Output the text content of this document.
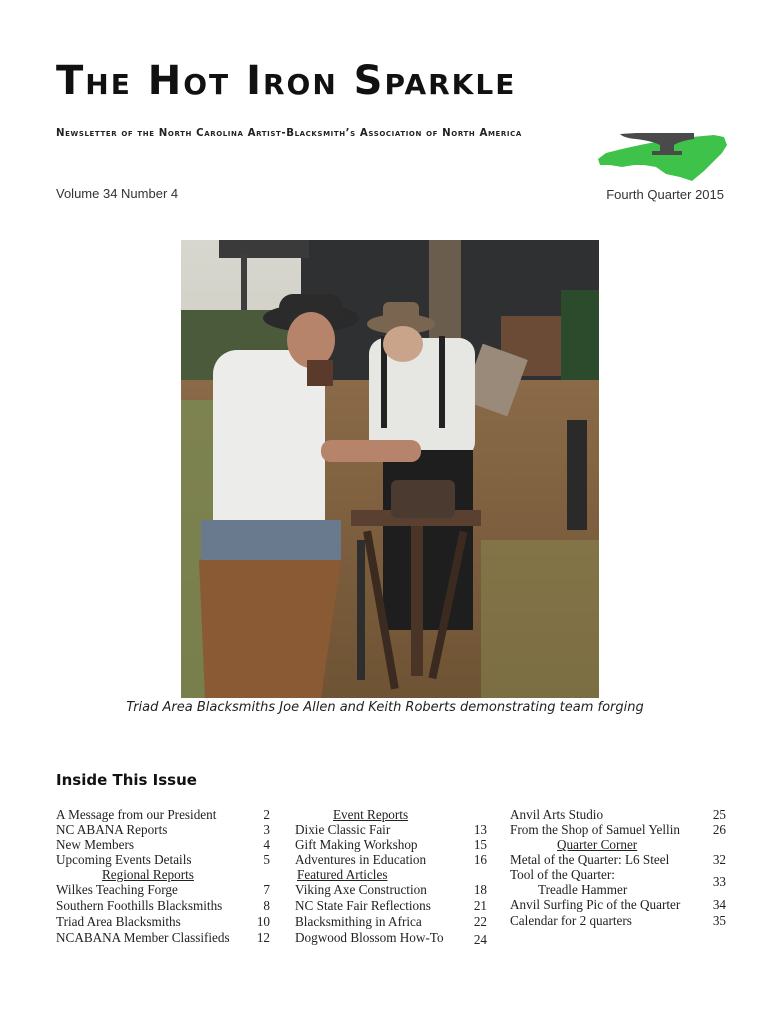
The Hot Iron Sparkle
Newsletter of the North Carolina Artist-Blacksmith’s Association of North America
Volume 34 Number 4	Fourth Quarter 2015
Triad Area Blacksmiths Joe Allen and Keith Roberts demonstrating team forging
Inside This Issue
A Message from our President	2
NC ABANA Reports	3
New Members	4
Upcoming Events Details	5
Regional Reports
Wilkes Teaching Forge	7
Southern Foothills Blacksmiths	8
Triad Area Blacksmiths	10
NCABANA Member Classifieds 12
Event Reports
Dixie Classic Fair	13
Gift Making Workshop	15
Adventures in Education	16
Featured Articles
Viking Axe Construction	18
NC State Fair Reflections	21
Blacksmithing in Africa	22
Dogwood Blossom How-To 24
Anvil Arts Studio	25
From the Shop of Samuel Yellin 26
Quarter Corner
Metal of the Quarter: L6 Steel	32
Tool of the Quarter:
Treadle Hammer
33
Anvil Surfing Pic of the Quarter 34
Calendar for 2 quarters	35
